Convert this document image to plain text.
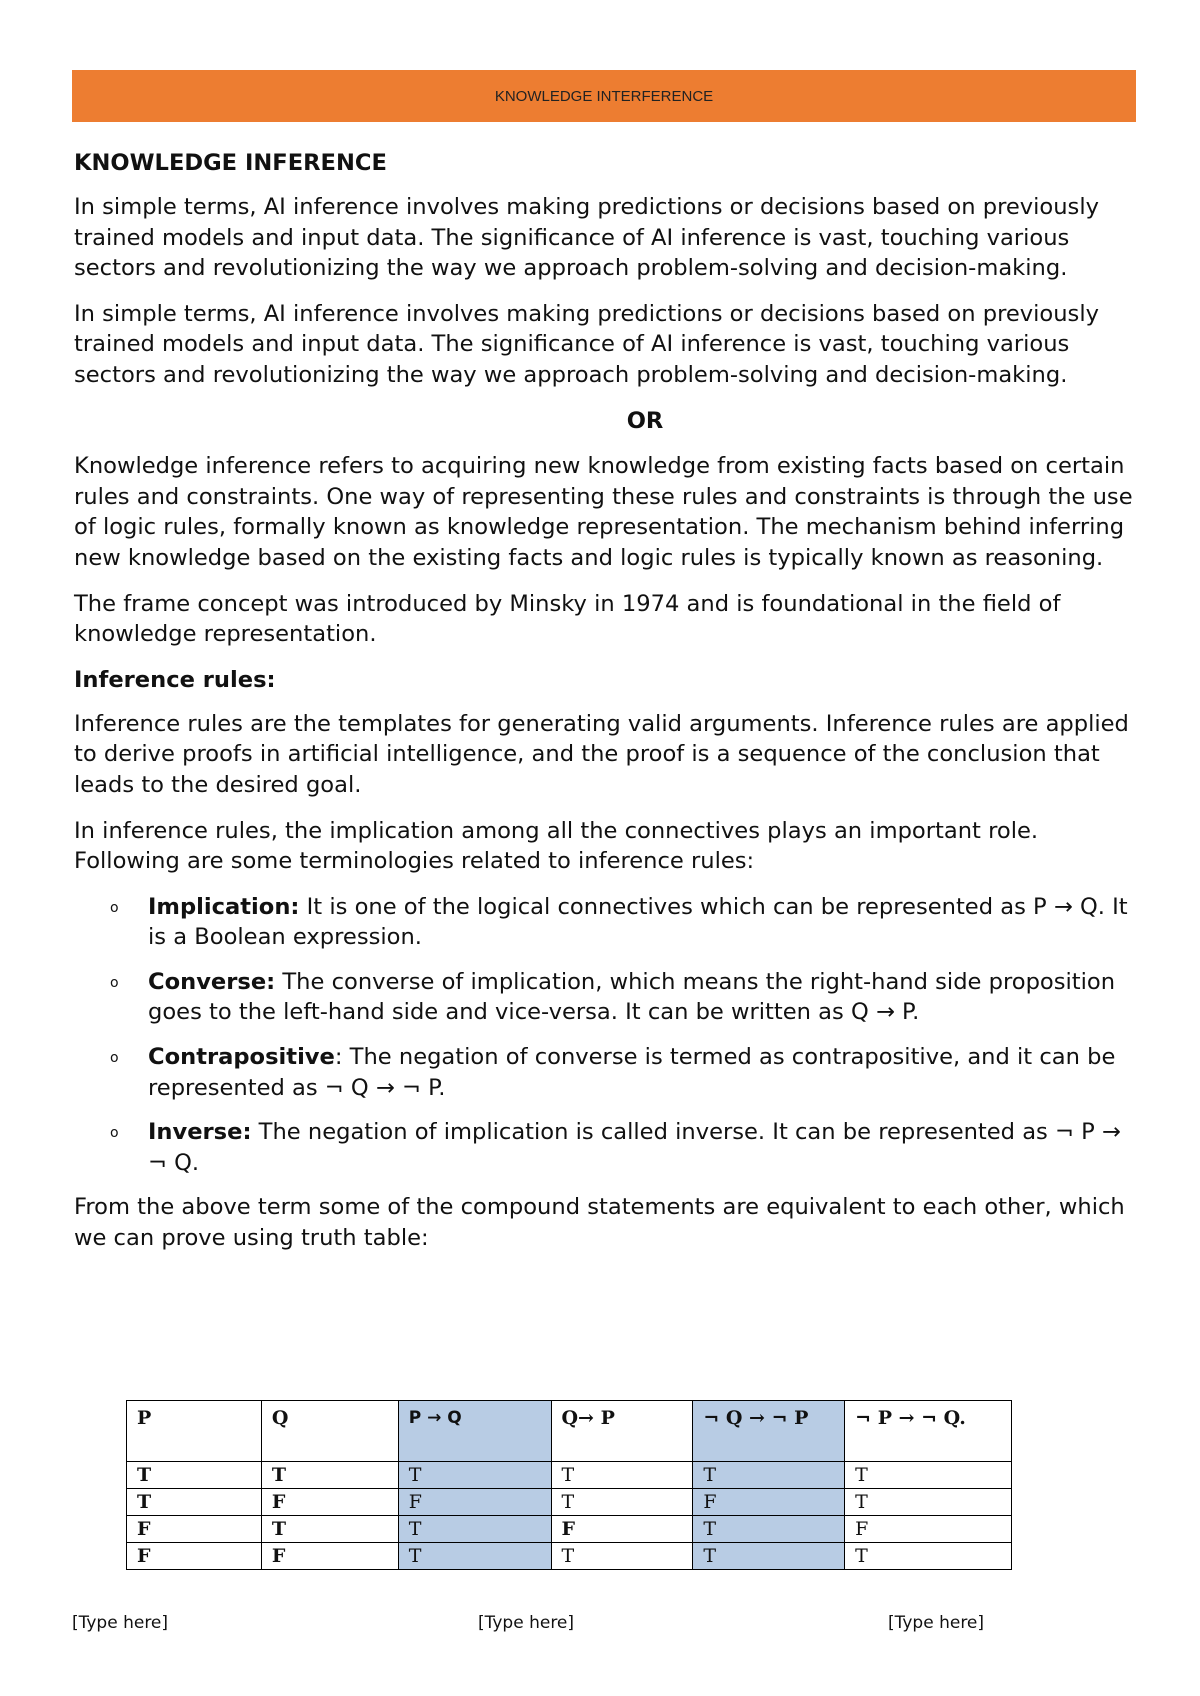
KNOWLEDGE INTERFERENCE
KNOWLEDGE INFERENCE

In simple terms, AI inference involves making predictions or decisions based on previously trained models and input data. The significance of AI inference is vast, touching various sectors and revolutionizing the way we approach problem-solving and decision-making.

In simple terms, AI inference involves making predictions or decisions based on previously trained models and input data. The significance of AI inference is vast, touching various sectors and revolutionizing the way we approach problem-solving and decision-making.

OR

Knowledge inference refers to acquiring new knowledge from existing facts based on certain rules and constraints. One way of representing these rules and constraints is through the use of logic rules, formally known as knowledge representation. The mechanism behind inferring new knowledge based on the existing facts and logic rules is typically known as reasoning.

The frame concept was introduced by Minsky in 1974 and is foundational in the field of knowledge representation.

Inference rules:

Inference rules are the templates for generating valid arguments. Inference rules are applied to derive proofs in artificial intelligence, and the proof is a sequence of the conclusion that leads to the desired goal.

In inference rules, the implication among all the connectives plays an important role. Following are some terminologies related to inference rules:

o Implication: It is one of the logical connectives which can be represented as P → Q. It is a Boolean expression.
o Converse: The converse of implication, which means the right-hand side proposition goes to the left-hand side and vice-versa. It can be written as Q → P.
o Contrapositive: The negation of converse is termed as contrapositive, and it can be represented as ¬ Q → ¬ P.
o Inverse: The negation of implication is called inverse. It can be represented as ¬ P → ¬ Q.

From the above term some of the compound statements are equivalent to each other, which we can prove using truth table:

P	Q	P → Q	Q→ P	¬ Q → ¬ P	¬ P → ¬ Q.
T	T	T	T	T	T
T	F	F	T	F	T
F	T	T	F	T	F
F	F	T	T	T	T
[Type here]	[Type here]	[Type here]
